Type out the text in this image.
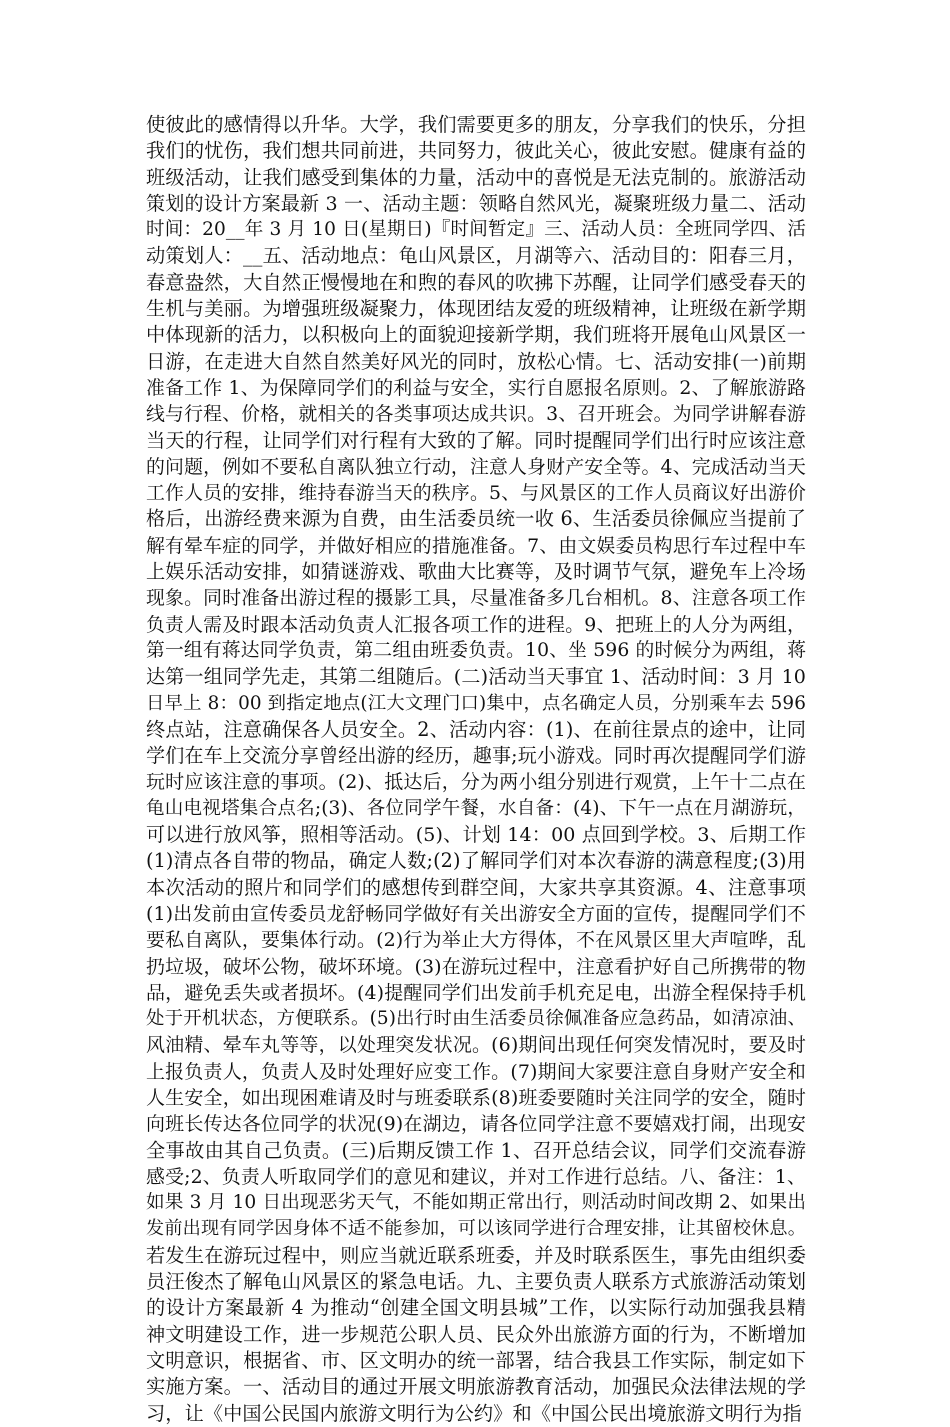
使彼此的感情得以升华。大学，我们需要更多的朋友，分享我们的快乐，分担
我们的忧伤，我们想共同前进，共同努力，彼此关心，彼此安慰。健康有益的
班级活动，让我们感受到集体的力量，活动中的喜悦是无法克制的。旅游活动
策划的设计方案最新 3 一、活动主题：领略自然风光，凝聚班级力量二、活动
时间：20__年 3 月 10 日(星期日)『时间暂定』三、活动人员：全班同学四、活
动策划人：__五、活动地点：龟山风景区，月湖等六、活动目的：阳春三月，
春意盎然，大自然正慢慢地在和煦的春风的吹拂下苏醒，让同学们感受春天的
生机与美丽。为增强班级凝聚力，体现团结友爱的班级精神，让班级在新学期
中体现新的活力，以积极向上的面貌迎接新学期，我们班将开展龟山风景区一
日游，在走进大自然自然美好风光的同时，放松心情。七、活动安排(一)前期
准备工作 1、为保障同学们的利益与安全，实行自愿报名原则。2、了解旅游路
线与行程、价格，就相关的各类事项达成共识。3、召开班会。为同学讲解春游
当天的行程，让同学们对行程有大致的了解。同时提醒同学们出行时应该注意
的问题，例如不要私自离队独立行动，注意人身财产安全等。4、完成活动当天
工作人员的安排，维持春游当天的秩序。5、与风景区的工作人员商议好出游价
格后，出游经费来源为自费，由生活委员统一收 6、生活委员徐佩应当提前了
解有晕车症的同学，并做好相应的措施准备。7、由文娱委员构思行车过程中车
上娱乐活动安排，如猜谜游戏、歌曲大比赛等，及时调节气氛，避免车上冷场
现象。同时准备出游过程的摄影工具，尽量准备多几台相机。8、注意各项工作
负责人需及时跟本活动负责人汇报各项工作的进程。9、把班上的人分为两组，
第一组有蒋达同学负责，第二组由班委负责。10、坐 596 的时候分为两组，蒋
达第一组同学先走，其第二组随后。(二)活动当天事宜 1、活动时间：3 月 10
日早上 8：00 到指定地点(江大文理门口)集中，点名确定人员，分别乘车去 596
终点站，注意确保各人员安全。2、活动内容：(1)、在前往景点的途中，让同
学们在车上交流分享曾经出游的经历，趣事;玩小游戏。同时再次提醒同学们游
玩时应该注意的事项。(2)、抵达后，分为两小组分别进行观赏，上午十二点在
龟山电视塔集合点名;(3)、各位同学午餐，水自备：(4)、下午一点在月湖游玩，
可以进行放风筝，照相等活动。(5)、计划 14：00 点回到学校。3、后期工作
(1)清点各自带的物品，确定人数;(2)了解同学们对本次春游的满意程度;(3)用
本次活动的照片和同学们的感想传到群空间，大家共享其资源。4、注意事项
(1)出发前由宣传委员龙舒畅同学做好有关出游安全方面的宣传，提醒同学们不
要私自离队，要集体行动。(2)行为举止大方得体，不在风景区里大声喧哗，乱
扔垃圾，破坏公物，破坏环境。(3)在游玩过程中，注意看护好自己所携带的物
品，避免丢失或者损坏。(4)提醒同学们出发前手机充足电，出游全程保持手机
处于开机状态，方便联系。(5)出行时由生活委员徐佩准备应急药品，如清凉油、
风油精、晕车丸等等，以处理突发状况。(6)期间出现任何突发情况时，要及时
上报负责人，负责人及时处理好应变工作。(7)期间大家要注意自身财产安全和
人生安全，如出现困难请及时与班委联系(8)班委要随时关注同学的安全，随时
向班长传达各位同学的状况(9)在湖边，请各位同学注意不要嬉戏打闹，出现安
全事故由其自己负责。(三)后期反馈工作 1、召开总结会议，同学们交流春游
感受;2、负责人听取同学们的意见和建议，并对工作进行总结。八、备注：1、
如果 3 月 10 日出现恶劣天气，不能如期正常出行，则活动时间改期 2、如果出
发前出现有同学因身体不适不能参加，可以该同学进行合理安排，让其留校休息。
若发生在游玩过程中，则应当就近联系班委，并及时联系医生，事先由组织委
员汪俊杰了解龟山风景区的紧急电话。九、主要负责人联系方式旅游活动策划
的设计方案最新 4 为推动“创建全国文明县城”工作，以实际行动加强我县精
神文明建设工作，进一步规范公职人员、民众外出旅游方面的行为，不断增加
文明意识，根据省、市、区文明办的统一部署，结合我县工作实际，制定如下
实施方案。一、活动目的通过开展文明旅游教育活动，加强民众法律法规的学
习，让《中国公民国内旅游文明行为公约》和《中国公民出境旅游文明行为指
